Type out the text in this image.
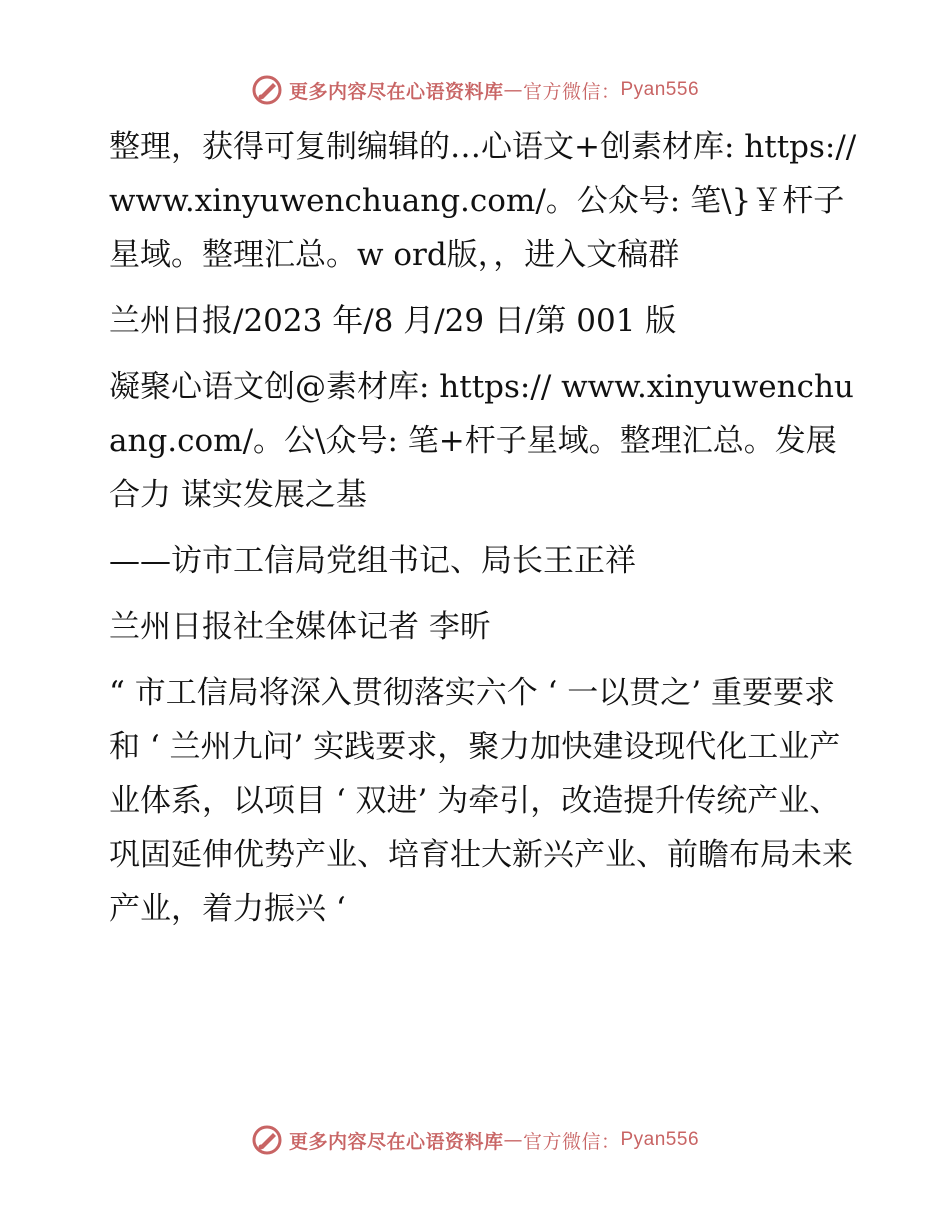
更多内容尽在心语资料库 — 官方微信： Pyan556

整理，获得可复制编辑的…心语文+创素材库: https://www.xinyuwenchuang.com/。公众号: 笔\}￥杆子星域。整理汇总。w ord版，，进入文稿群

兰州日报/2023 年/8 月/29 日/第 001 版

凝聚心语文创@素材库: https:// www.xinyuwenchuang.com/。公\众号: 笔+杆子星域。整理汇总。发展合力 谋实发展之基

——访市工信局党组书记、局长王正祥

兰州日报社全媒体记者 李昕

“ 市工信局将深入贯彻落实六个 ‘ 一以贯之’ 重要要求和 ‘ 兰州九问’ 实践要求，聚力加快建设现代化工业产业体系，以项目 ‘ 双进’ 为牵引，改造提升传统产业、巩固延伸优势产业、培育壮大新兴产业、前瞻布局未来产业，着力振兴 ‘

更多内容尽在心语资料库 — 官方微信： Pyan556
